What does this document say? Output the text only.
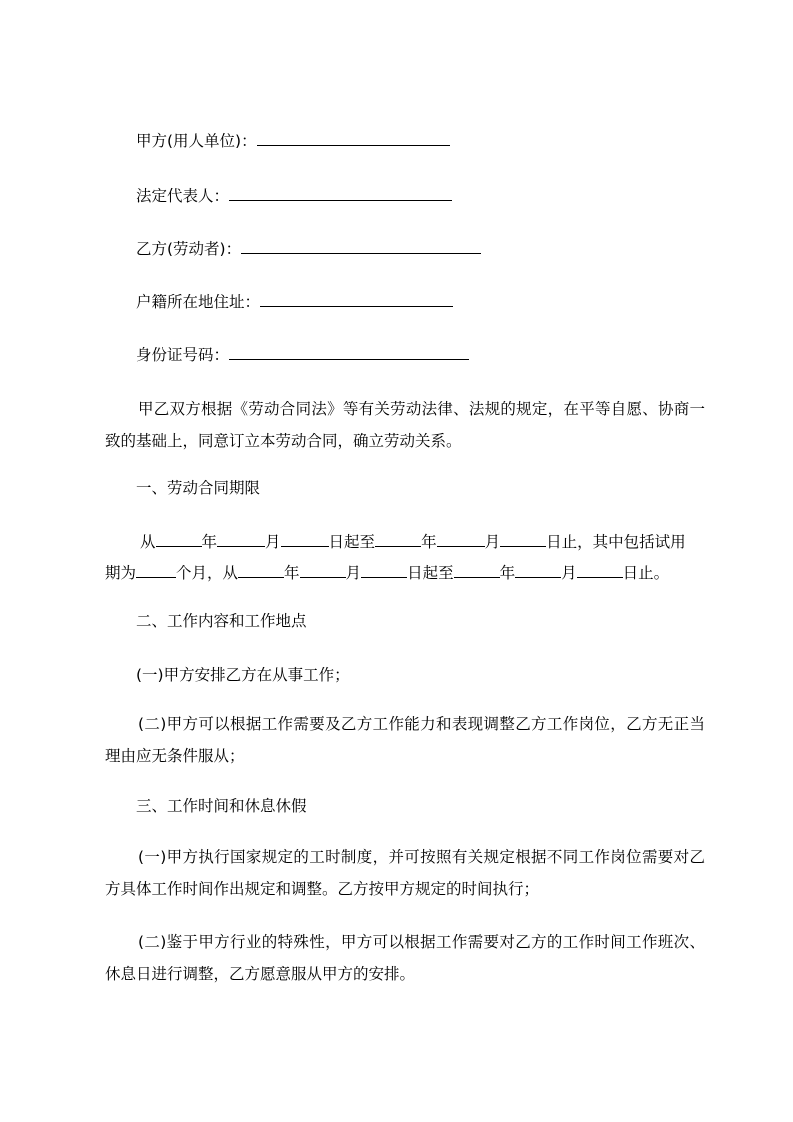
甲方(用人单位)：
法定代表人：
乙方(劳动者)：
户籍所在地住址：
身份证号码：
甲乙双方根据《劳动合同法》等有关劳动法律、法规的规定，在平等自愿、协商一致的基础上，同意订立本劳动合同，确立劳动关系。
一、劳动合同期限
从	年	月	日起至	年	月	日止，其中包括试用
期为	个月，从	年	月	日起至	年	月	日止。
二、工作内容和工作地点
(一)甲方安排乙方在从事工作；
(二)甲方可以根据工作需要及乙方工作能力和表现调整乙方工作岗位，乙方无正当理由应无条件服从；
三、工作时间和休息休假
(一)甲方执行国家规定的工时制度，并可按照有关规定根据不同工作岗位需要对乙方具体工作时间作出规定和调整。乙方按甲方规定的时间执行；
(二)鉴于甲方行业的特殊性，甲方可以根据工作需要对乙方的工作时间工作班次、休息日进行调整，乙方愿意服从甲方的安排。
